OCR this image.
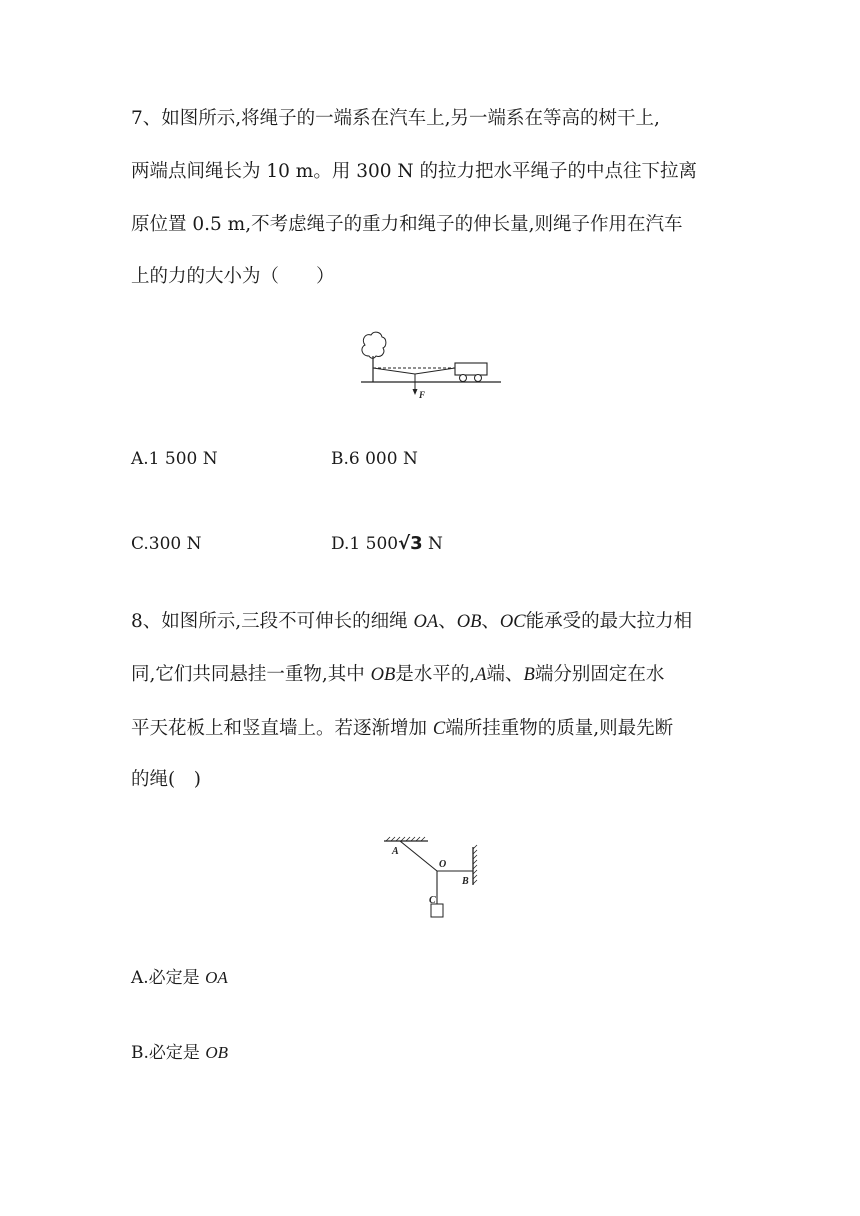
7、如图所示,将绳子的一端系在汽车上,另一端系在等高的树干上,

两端点间绳长为 10 m。用 300 N 的拉力把水平绳子的中点往下拉离

原位置 0.5 m,不考虑绳子的重力和绳子的伸长量,则绳子作用在汽车

上的力的大小为（　　）

F

A.1 500 N	B.6 000 N

C.300 N	D.1 500√3 N

8、如图所示,三段不可伸长的细绳 OA、OB、OC能承受的最大拉力相

同,它们共同悬挂一重物,其中 OB是水平的,A端、B端分别固定在水

平天花板上和竖直墙上。若逐渐增加 C端所挂重物的质量,则最先断

的绳(　)

A
O
B
C

A.必定是 OA

B.必定是 OB
